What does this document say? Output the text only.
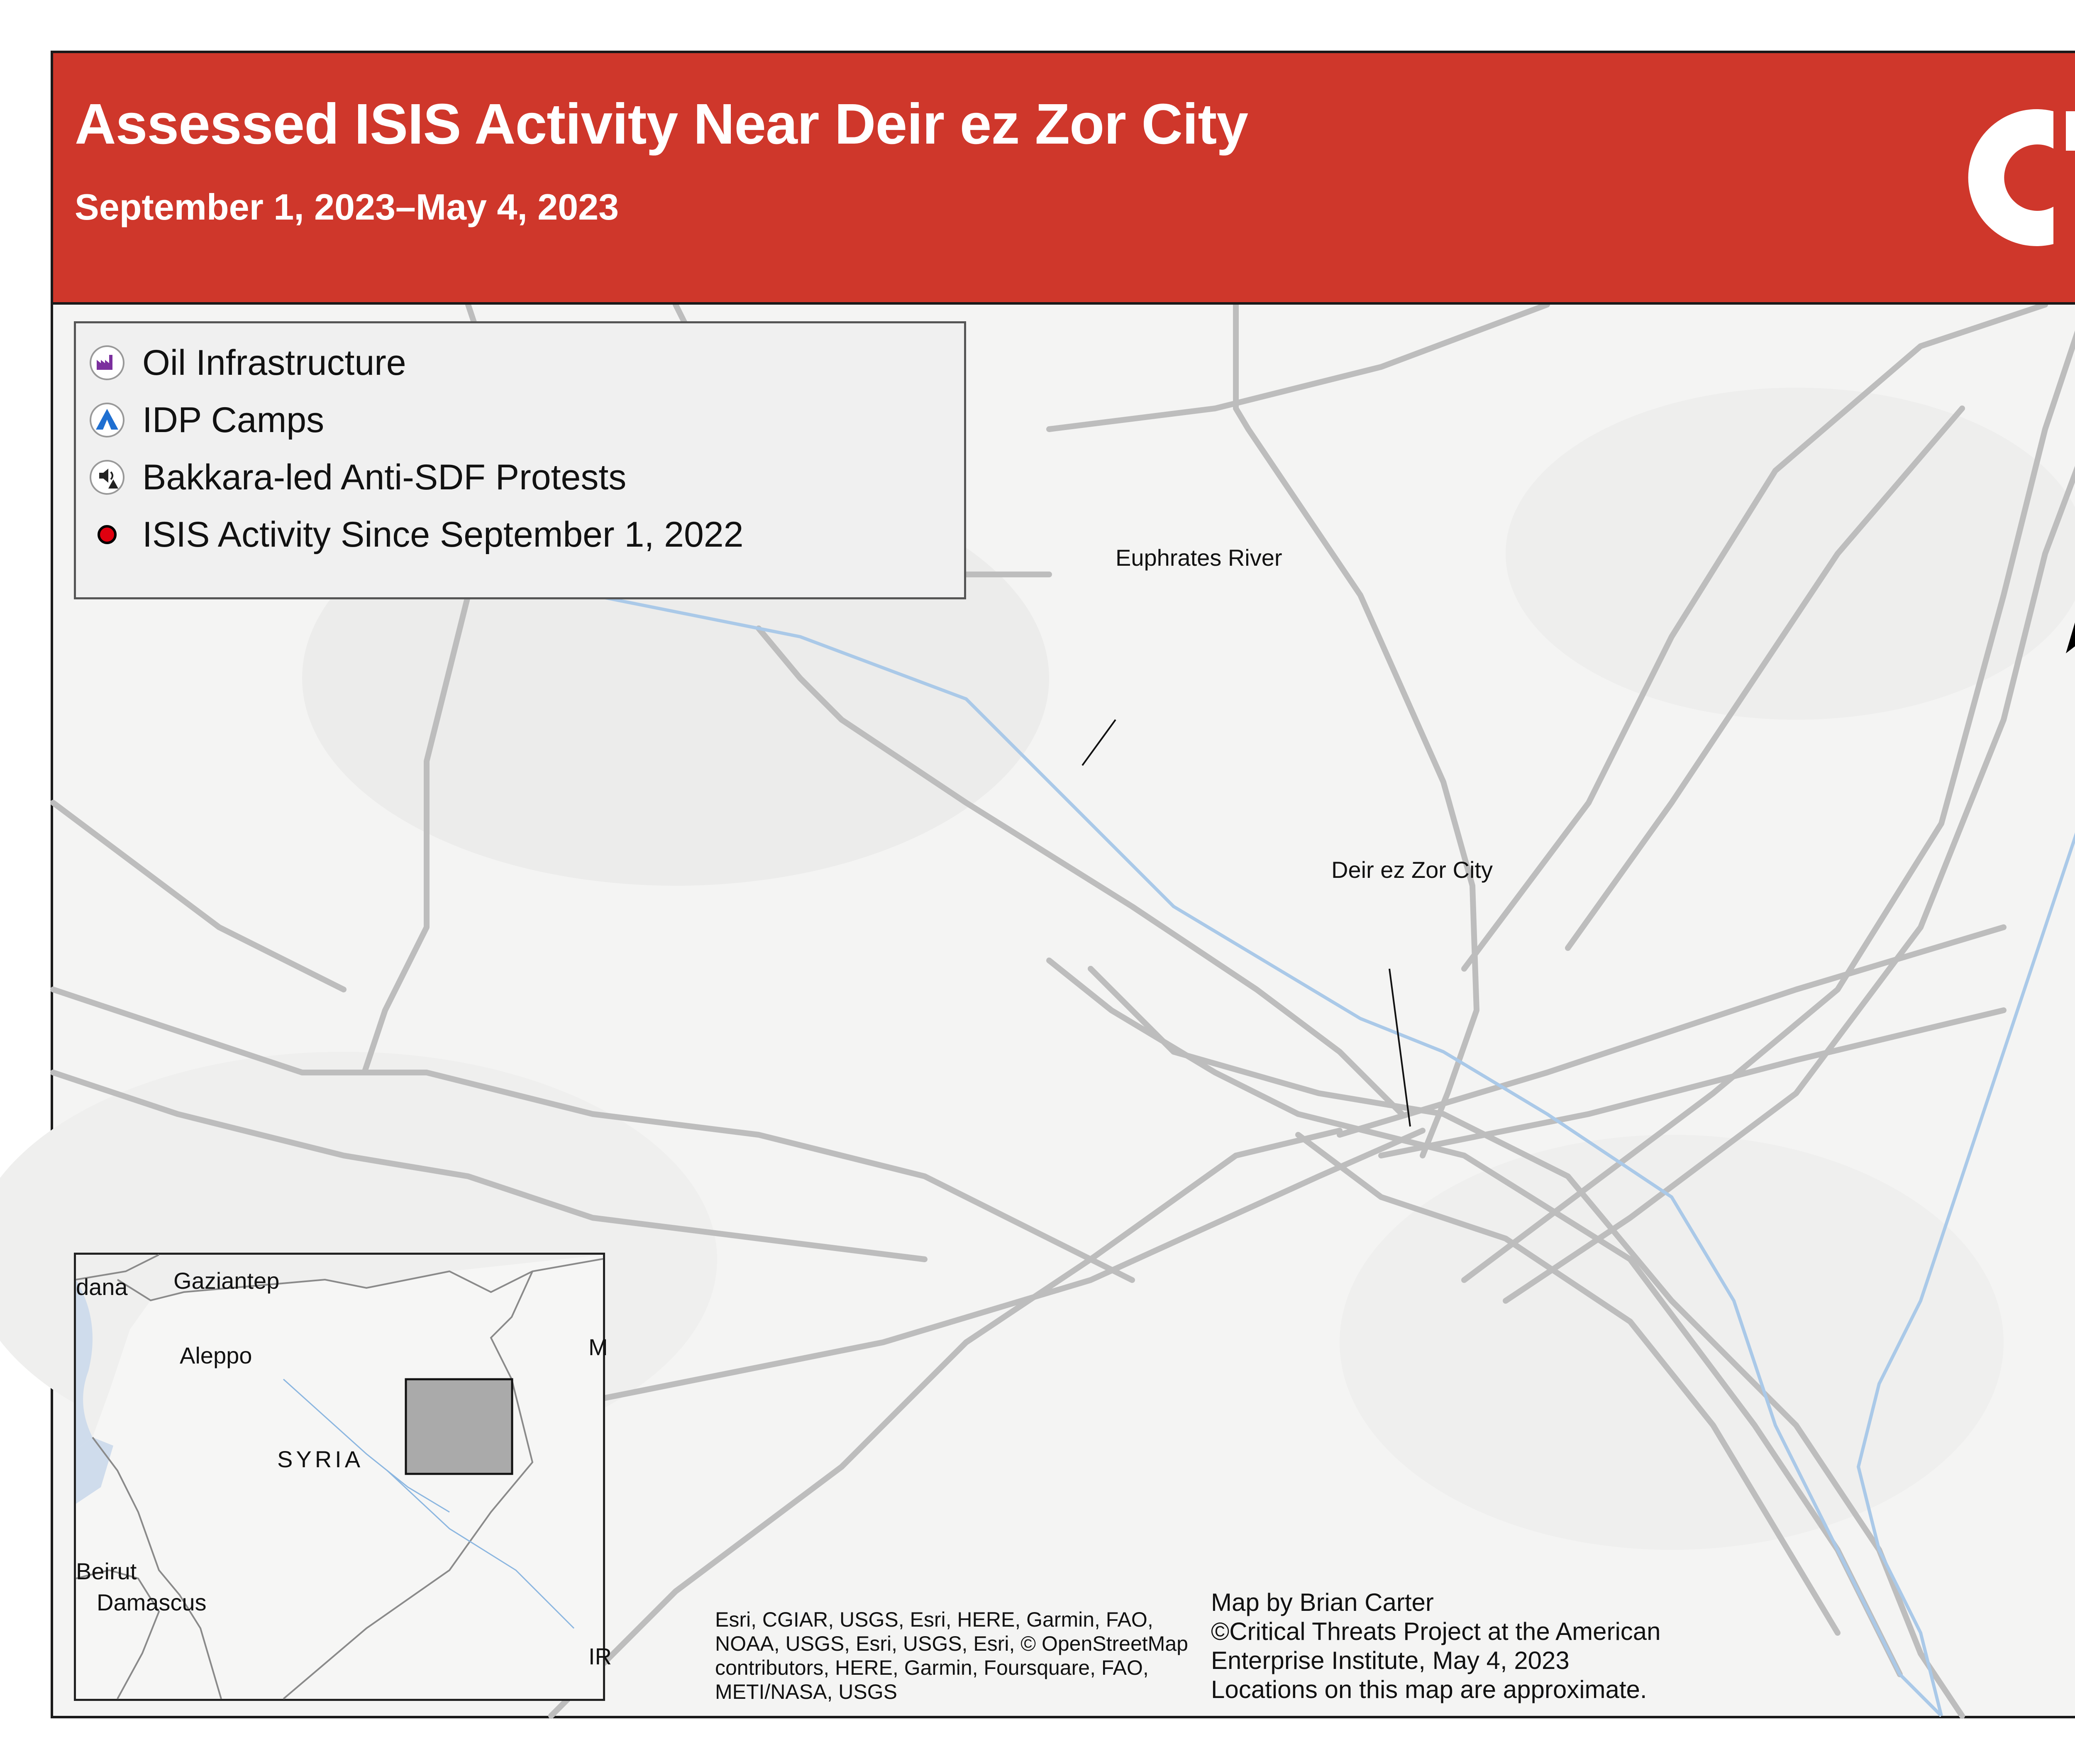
Assessed ISIS Activity Near Deir ez Zor City
September 1, 2023–May 4, 2023
Euphrates River
Deir ez Zor City
Oil Infrastructure
IDP Camps
Bakkara-led Anti-SDF Protests
ISIS Activity Since September 1, 2022
dana Gaziantep
Aleppo
SYRIA
Beirut
Damascus
M
IR
Esri, CGIAR, USGS, Esri, HERE, Garmin, FAO,
NOAA, USGS, Esri, USGS, Esri, © OpenStreetMap
contributors, HERE, Garmin, Foursquare, FAO,
METI/NASA, USGS
Map by Brian Carter
©Critical Threats Project at the American
Enterprise Institute, May 4, 2023
Locations on this map are approximate.
